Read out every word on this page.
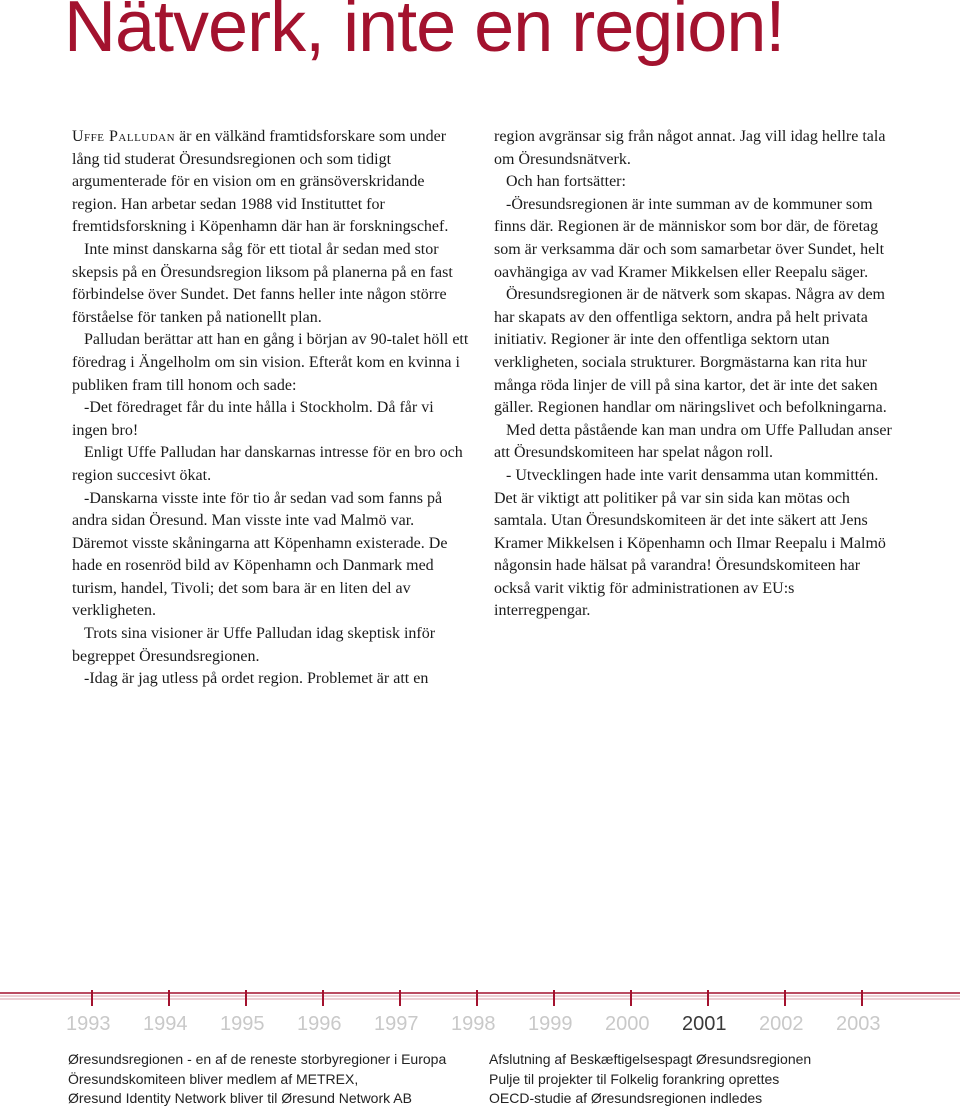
Nätverk, inte en region!

Uffe Palludan är en välkänd framtidsforskare som under lång tid studerat Öresundsregionen och som tidigt argumenterade för en vision om en gränsöverskridande region. Han arbetar sedan 1988 vid Instituttet for fremtidsforskning i Köpenhamn där han är forskningschef.

Inte minst danskarna såg för ett tiotal år sedan med stor skepsis på en Öresundsregion liksom på planerna på en fast förbindelse över Sundet. Det fanns heller inte någon större förståelse för tanken på nationellt plan.

Palludan berättar att han en gång i början av 90-talet höll ett föredrag i Ängelholm om sin vision. Efteråt kom en kvinna i publiken fram till honom och sade:

-Det föredraget får du inte hålla i Stockholm. Då får vi ingen bro!

Enligt Uffe Palludan har danskarnas intresse för en bro och region succesivt ökat.

-Danskarna visste inte för tio år sedan vad som fanns på andra sidan Öresund. Man visste inte vad Malmö var. Däremot visste skåningarna att Köpenhamn existerade. De hade en rosenröd bild av Köpenhamn och Danmark med turism, handel, Tivoli; det som bara är en liten del av verkligheten.

Trots sina visioner är Uffe Palludan idag skeptisk inför begreppet Öresundsregionen.

-Idag är jag utless på ordet region. Problemet är att en

region avgränsar sig från något annat. Jag vill idag hellre tala om Öresundsnätverk.

Och han fortsätter:

-Öresundsregionen är inte summan av de kommuner som finns där. Regionen är de människor som bor där, de företag som är verksamma där och som samarbetar över Sundet, helt oavhängiga av vad Kramer Mikkelsen eller Reepalu säger.

Öresundsregionen är de nätverk som skapas. Några av dem har skapats av den offentliga sektorn, andra på helt privata initiativ. Regioner är inte den offentliga sektorn utan verkligheten, sociala strukturer. Borgmästarna kan rita hur många röda linjer de vill på sina kartor, det är inte det saken gäller. Regionen handlar om näringslivet och befolkningarna.

Med detta påstående kan man undra om Uffe Palludan anser att Öresundskomiteen har spelat någon roll.

- Utvecklingen hade inte varit densamma utan kommittén. Det är viktigt att politiker på var sin sida kan mötas och samtala. Utan Öresundskomiteen är det inte säkert att Jens Kramer Mikkelsen i Köpenhamn och Ilmar Reepalu i Malmö någonsin hade hälsat på varandra! Öresundskomiteen har också varit viktig för administrationen av EU:s interregpengar.

1993	1994	1995	1996	1997	1998	1999	2000	2001	2002	2003
Øresundsregionen - en af de reneste storbyregioner i Europa
Öresundskomiteen bliver medlem af METREX,
Øresund Identity Network bliver til Øresund Network AB
Afslutning af Beskæftigelsespagt Øresundsregionen
Pulje til projekter til Folkelig forankring oprettes
OECD-studie af Øresundsregionen indledes
